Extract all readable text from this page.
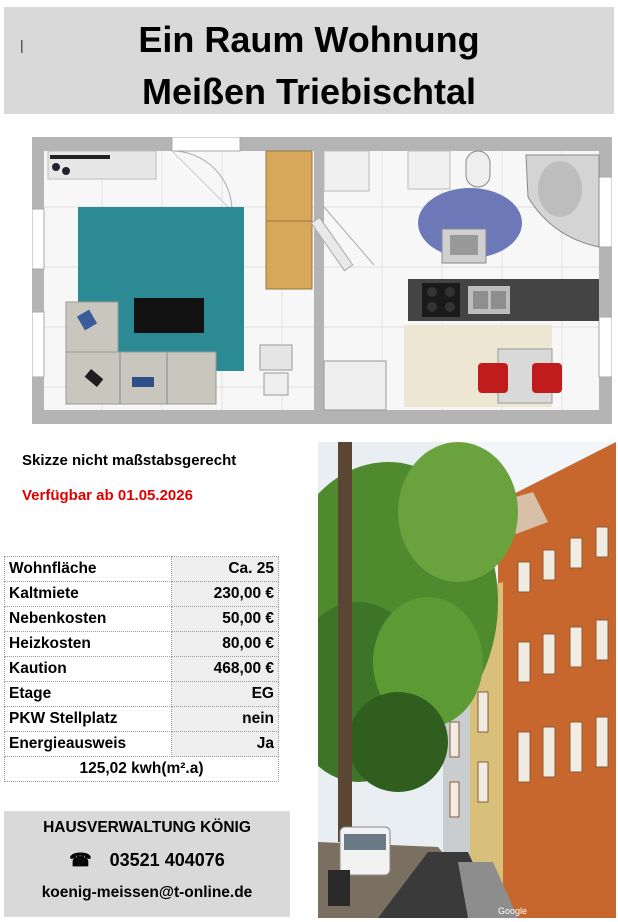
|	Ein Raum Wohnung
Meißen Triebischtal
Skizze nicht maßstabsgerecht
Verfügbar ab 01.05.2026
Wohnfläche	Ca. 25
Kaltmiete	230,00 €
Nebenkosten	50,00 €
Heizkosten	80,00 €
Kaution	468,00 €
Etage	EG
PKW Stellplatz	nein
Energieausweis	Ja
125,02 kwh(m².a)	
HAUSVERWALTUNG KÖNIG
☎ 03521 404076
koenig-meissen@t-online.de
Google
